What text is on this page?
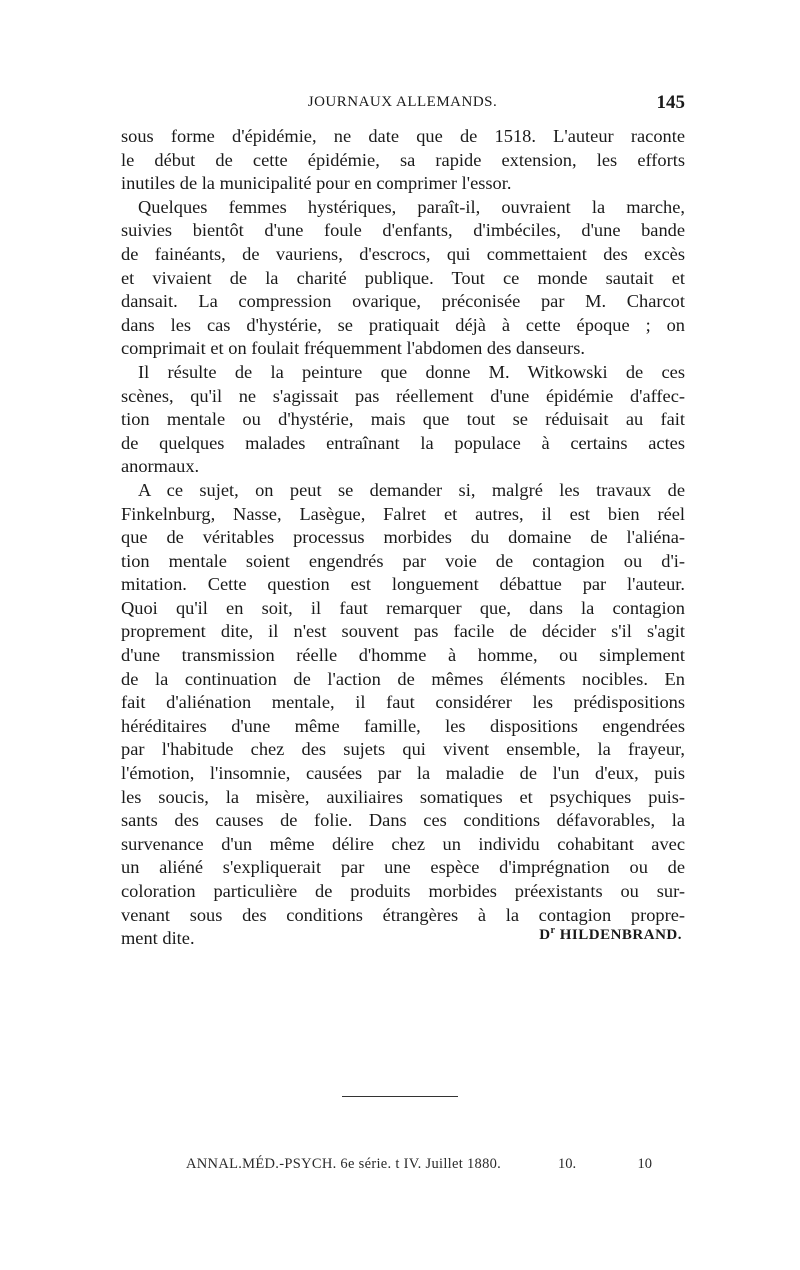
JOURNAUX ALLEMANDS.	145
sous forme d'épidémie, ne date que de 1518. L'auteur raconte
le début de cette épidémie, sa rapide extension, les efforts
inutiles de la municipalité pour en comprimer l'essor.
Quelques femmes hystériques, paraît-il, ouvraient la marche,
suivies bientôt d'une foule d'enfants, d'imbéciles, d'une bande
de fainéants, de vauriens, d'escrocs, qui commettaient des excès
et vivaient de la charité publique. Tout ce monde sautait et
dansait. La compression ovarique, préconisée par M. Charcot
dans les cas d'hystérie, se pratiquait déjà à cette époque ; on
comprimait et on foulait fréquemment l'abdomen des danseurs.
Il résulte de la peinture que donne M. Witkowski de ces
scènes, qu'il ne s'agissait pas réellement d'une épidémie d'affec-
tion mentale ou d'hystérie, mais que tout se réduisait au fait
de quelques malades entraînant la populace à certains actes
anormaux.
A ce sujet, on peut se demander si, malgré les travaux de
Finkelnburg, Nasse, Lasègue, Falret et autres, il est bien réel
que de véritables processus morbides du domaine de l'aliéna-
tion mentale soient engendrés par voie de contagion ou d'i-
mitation. Cette question est longuement débattue par l'auteur.
Quoi qu'il en soit, il faut remarquer que, dans la contagion
proprement dite, il n'est souvent pas facile de décider s'il s'agit
d'une transmission réelle d'homme à homme, ou simplement
de la continuation de l'action de mêmes éléments nocibles. En
fait d'aliénation mentale, il faut considérer les prédispositions
héréditaires d'une même famille, les dispositions engendrées
par l'habitude chez des sujets qui vivent ensemble, la frayeur,
l'émotion, l'insomnie, causées par la maladie de l'un d'eux, puis
les soucis, la misère, auxiliaires somatiques et psychiques puis-
sants des causes de folie. Dans ces conditions défavorables, la
survenance d'un même délire chez un individu cohabitant avec
un aliéné s'expliquerait par une espèce d'imprégnation ou de
coloration particulière de produits morbides préexistants ou sur-
venant sous des conditions étrangères à la contagion propre-
ment dite.	$D^r$ HILDENBRAND.
ANNAL.MÉD.-PSYCH. 6e série. t IV. Juillet 1880.	10.	10
